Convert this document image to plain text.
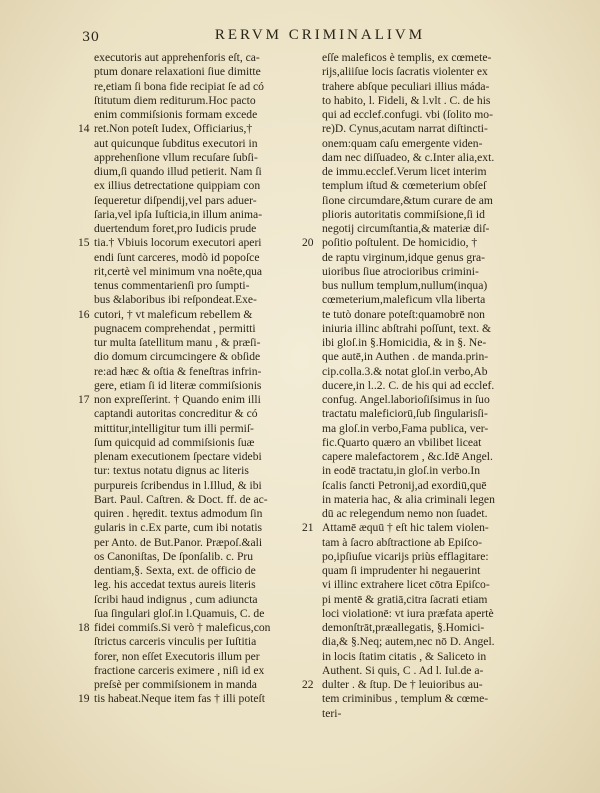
30	RERVM CRIMINALIVM
executoris aut apprehenforis eſt, ca-
ptum donare relaxationi ſiue dimitte
re,etiam ſi bona fide recipiat ſe ad có
ſtitutum diem rediturum.Hoc pacto
enim commiſsionis formam excede
14 ret.Non poteſt Iudex, Officiarius,†
aut quicunque ſubditus executori in
apprehenſione vllum recuſare ſubſi-
dium,ſi quando illud petierit. Nam ſi
ex illius detrectatione quippiam con
ſequeretur diſpendij,vel pars aduer-
ſaria,vel ipſa Iuſticia,in illum anima-
duertendum foret,pro Iudicis prude
15 tia.† Vbiuis locorum executori aperi
endi ſunt carceres, modò id popoſce
rit,certè vel minimum vna noête,qua
tenus commentarienſi pro ſumpti-
bus &laboribus ibi reſpondeat.Exe-
16 cutori, † vt maleficum rebellem &
pugnacem comprehendat , permitti
tur multa ſatellitum manu , & præſi-
dio domum circumcingere & obſide
re:ad hæc & oſtia & feneſtras infrin-
gere, etiam ſi id literæ commiſsionis
17 non expreſſerint. † Quando enim illi
captandi autoritas concreditur & có
mittitur,intelligitur tum illi permiſ-
ſum quicquid ad commiſsionis ſuæ
plenam executionem ſpectare videbi
tur: textus notatu dignus ac literis
purpureis ſcribendus in l.Illud, & ibi
Bart. Paul. Caſtren. & Doct. ff. de ac-
quiren . hęredit. textus admodum ſin
gularis in c.Ex parte, cum ibi notatis
per Anto. de But.Panor. Præpoſ.&ali
os Canoniſtas, De ſponſalib. c. Pru
dentiam,§. Sexta, ext. de officio de
leg. his accedat textus aureis literis
ſcribi haud indignus , cum adiuncta
ſua ſingulari gloſ.in l.Quamuis, C. de
18 fidei commiſs.Si verò † maleficus,con
ſtrictus carceris vinculis per Iuſtitia
forer, non eſſet Executoris illum per
fractione carceris eximere , niſi id ex
preſsè per commiſsionem in manda
19 tis habeat.Neque item fas † illi poteſt
eſſe maleficos è templis, ex cœmete-
rijs,aliiſue locis ſacratis violenter ex
trahere abſque peculiari illius máda-
to habito, l. Fideli, & l.vlt . C. de his
qui ad ecclef.confugi. vbi (ſolito mo-
re)D. Cynus,acutam narrat diſtincti-
onem:quam caſu emergente viden-
dam nec diſſuadeo, & c.Inter alia,ext.
de immu.ecclef.Verum licet interim
templum iſtud & cœmeterium obſeſ
ſione circumdare,&tum curare de am
plioris autoritatis commiſsione,ſi id
negotij circumſtantia,& materiæ diſ-
20 poſitio poſtulent. De homicidio, †
de raptu virginum,idque genus gra-
uioribus ſiue atrocioribus crimini-
bus nullum templum,nullum(inqua)
cœmeterium,maleficum vlla liberta
te tutò donare poteſt:quamobrē non
iniuria illinc abſtrahi poſſunt, text. &
ibi gloſ.in §.Homicidia, & in §. Ne-
que autē,in Authen . de manda.prin-
cip.colla.3.& notat gloſ.in verbo,Ab
ducere,in l..2. C. de his qui ad ecclef.
confug. Angel.laborioſiſsimus in ſuo
tractatu maleficiorū,ſub ſingularisſi-
ma gloſ.in verbo,Fama publica, ver-
fic.Quarto quæro an vbilibet liceat
capere malefactorem , &c.Idē Angel.
in eodē tractatu,in gloſ.in verbo.In
ſcalis ſancti Petronij,ad exordiū,quē
in materia hac, & alia criminali legen
dū ac relegendum nemo non ſuadet.
21 Attamē æquū † eſt hic talem violen-
tam à ſacro abſtractione ab Epiſco-
po,ipſiuſue vicarijs priùs efflagitare:
quam ſi imprudenter hi negauerint
vi illinc extrahere licet cōtra Epiſco-
pi mentē & gratiā,citra ſacrati etiam
loci violationē: vt iura præfata apertè
demonſtrāt,præallegatis, §.Homici-
dia,& §.Neq; autem,nec nō D. Angel.
in locis ſtatim citatis , & Saliceto in
Authent. Si quis, C . Ad l. Iul.de a-
22 dulter . & ſtup. De † leuioribus au-
tem criminibus , templum & cœme-
teri-
